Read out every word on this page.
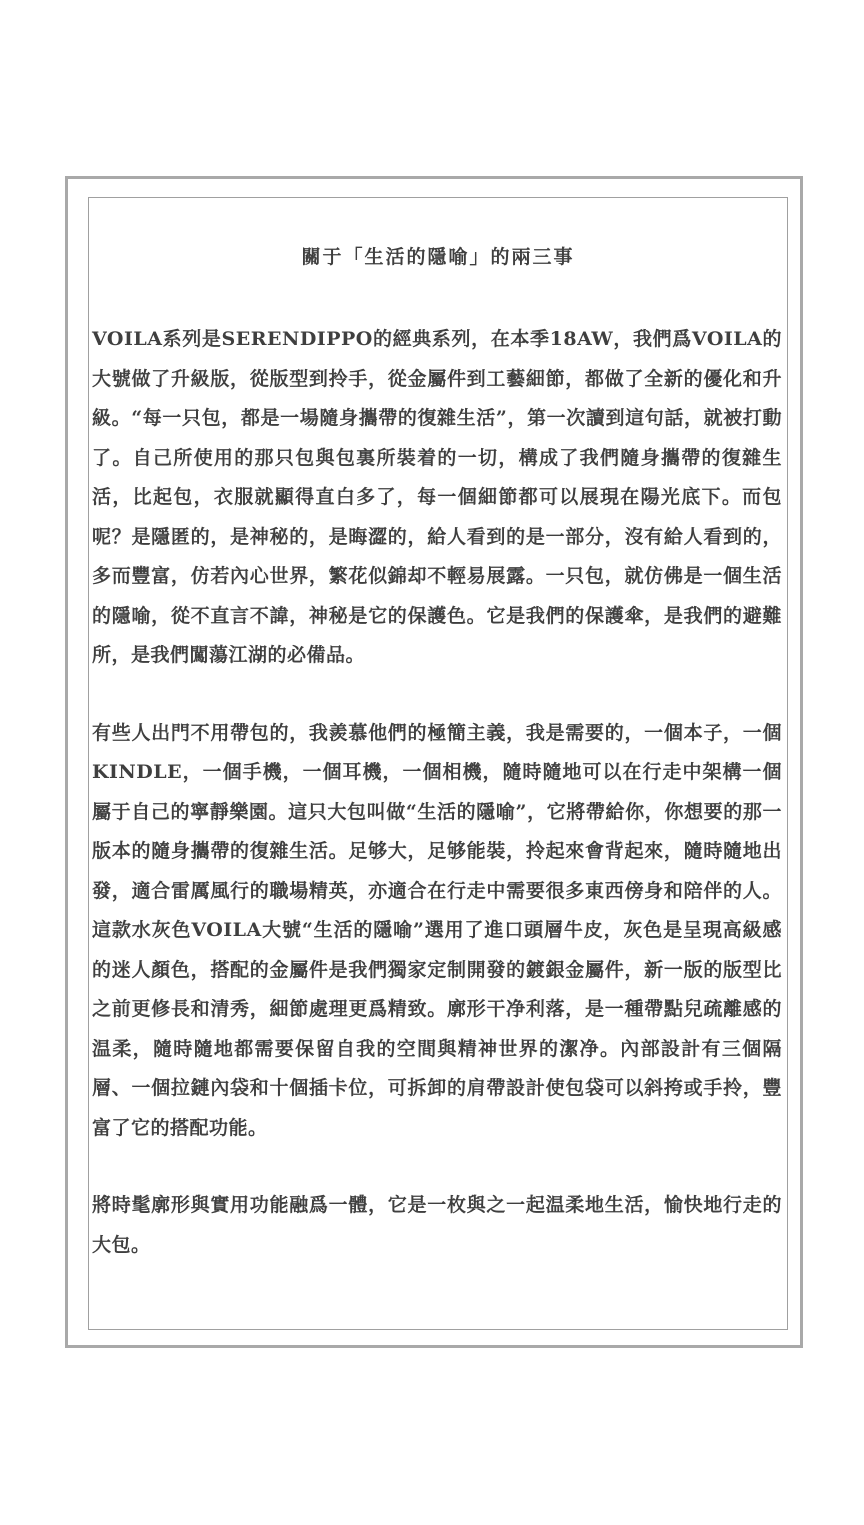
關于「生活的隱喻」的兩三事

VOILA系列是SERENDIPPO的經典系列，在本季18AW，我們爲VOILA的大號做了升級版，從版型到拎手，從金屬件到工藝細節，都做了全新的優化和升級。“每一只包，都是一場隨身攜帶的復雜生活”，第一次讀到這句話，就被打動了。自己所使用的那只包與包裏所裝着的一切，構成了我們隨身攜帶的復雜生活，比起包，衣服就顯得直白多了，每一個細節都可以展現在陽光底下。而包呢？是隱匿的，是神秘的，是晦澀的，給人看到的是一部分，沒有給人看到的，多而豐富，仿若內心世界，繁花似錦却不輕易展露。一只包，就仿佛是一個生活的隱喻，從不直言不諱，神秘是它的保護色。它是我們的保護傘，是我們的避難所，是我們闖蕩江湖的必備品。

有些人出門不用帶包的，我羨慕他們的極簡主義，我是需要的，一個本子，一個KINDLE，一個手機，一個耳機，一個相機，隨時隨地可以在行走中架構一個屬于自己的寧靜樂園。這只大包叫做“生活的隱喻”，它將帶給你，你想要的那一版本的隨身攜帶的復雜生活。足够大，足够能裝，拎起來會背起來，隨時隨地出發，適合雷厲風行的職場精英，亦適合在行走中需要很多東西傍身和陪伴的人。這款水灰色VOILA大號“生活的隱喻”選用了進口頭層牛皮，灰色是呈現高級感的迷人顏色，搭配的金屬件是我們獨家定制開發的鍍銀金屬件，新一版的版型比之前更修長和清秀，細節處理更爲精致。廓形干净利落，是一種帶點兒疏離感的温柔，隨時隨地都需要保留自我的空間與精神世界的潔净。內部設計有三個隔層、一個拉鏈內袋和十個插卡位，可拆卸的肩帶設計使包袋可以斜挎或手拎，豐富了它的搭配功能。

將時髦廓形與實用功能融爲一體，它是一枚與之一起温柔地生活，愉快地行走的大包。
